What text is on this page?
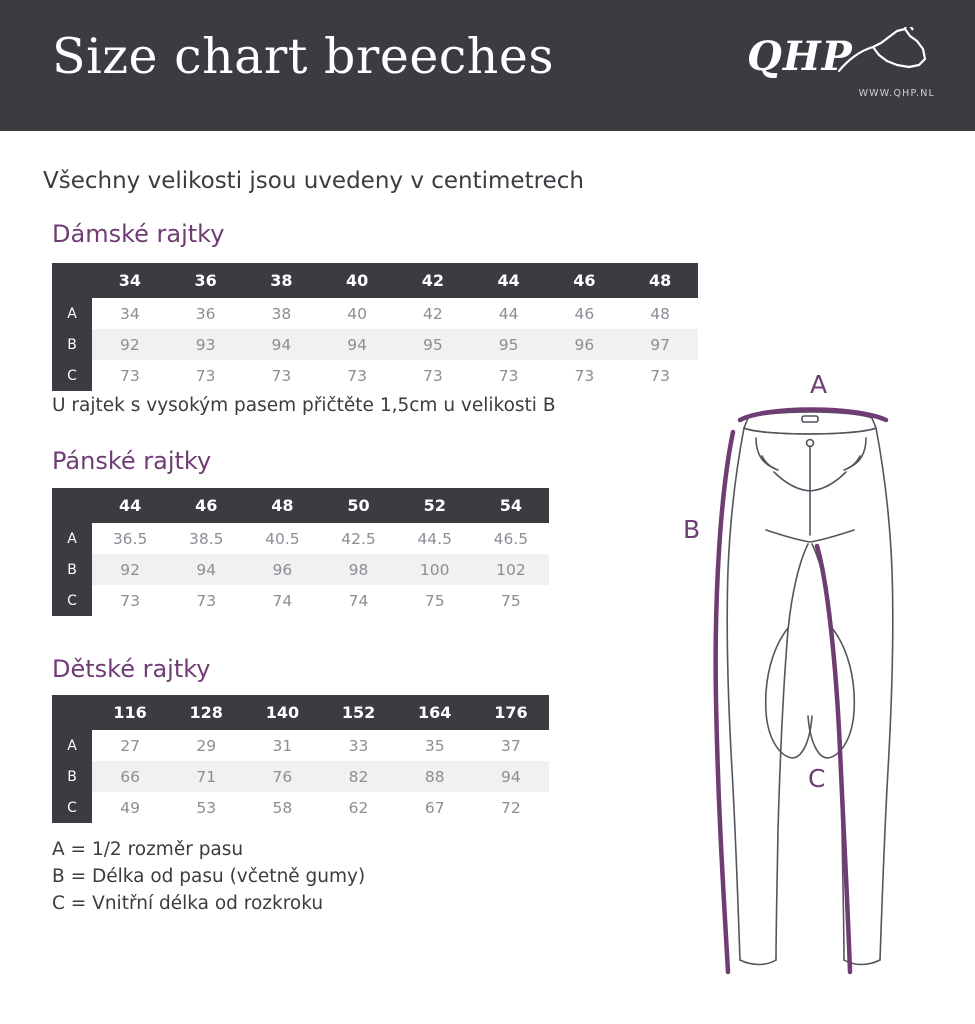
Size chart breeches	QHP
WWW.QHP.NL
Všechny velikosti jsou uvedeny v centimetrech
Dámské rajtky
	34	36	38	40	42	44	46	48
A	34	36	38	40	42	44	46	48
B	92	93	94	94	95	95	96	97
C	73	73	73	73	73	73	73	73
U rajtek s vysokým pasem přičtěte 1,5cm u velikosti B
Pánské rajtky
	44	46	48	50	52	54
A	36.5	38.5	40.5	42.5	44.5	46.5
B	92	94	96	98	100	102
C	73	73	74	74	75	75
Dětské rajtky
	116	128	140	152	164	176
A	27	29	31	33	35	37
B	66	71	76	82	88	94
C	49	53	58	62	67	72
A = 1/2 rozměr pasu
B = Délka od pasu (včetně gumy)
C = Vnitřní délka od rozkroku
A
B
C
